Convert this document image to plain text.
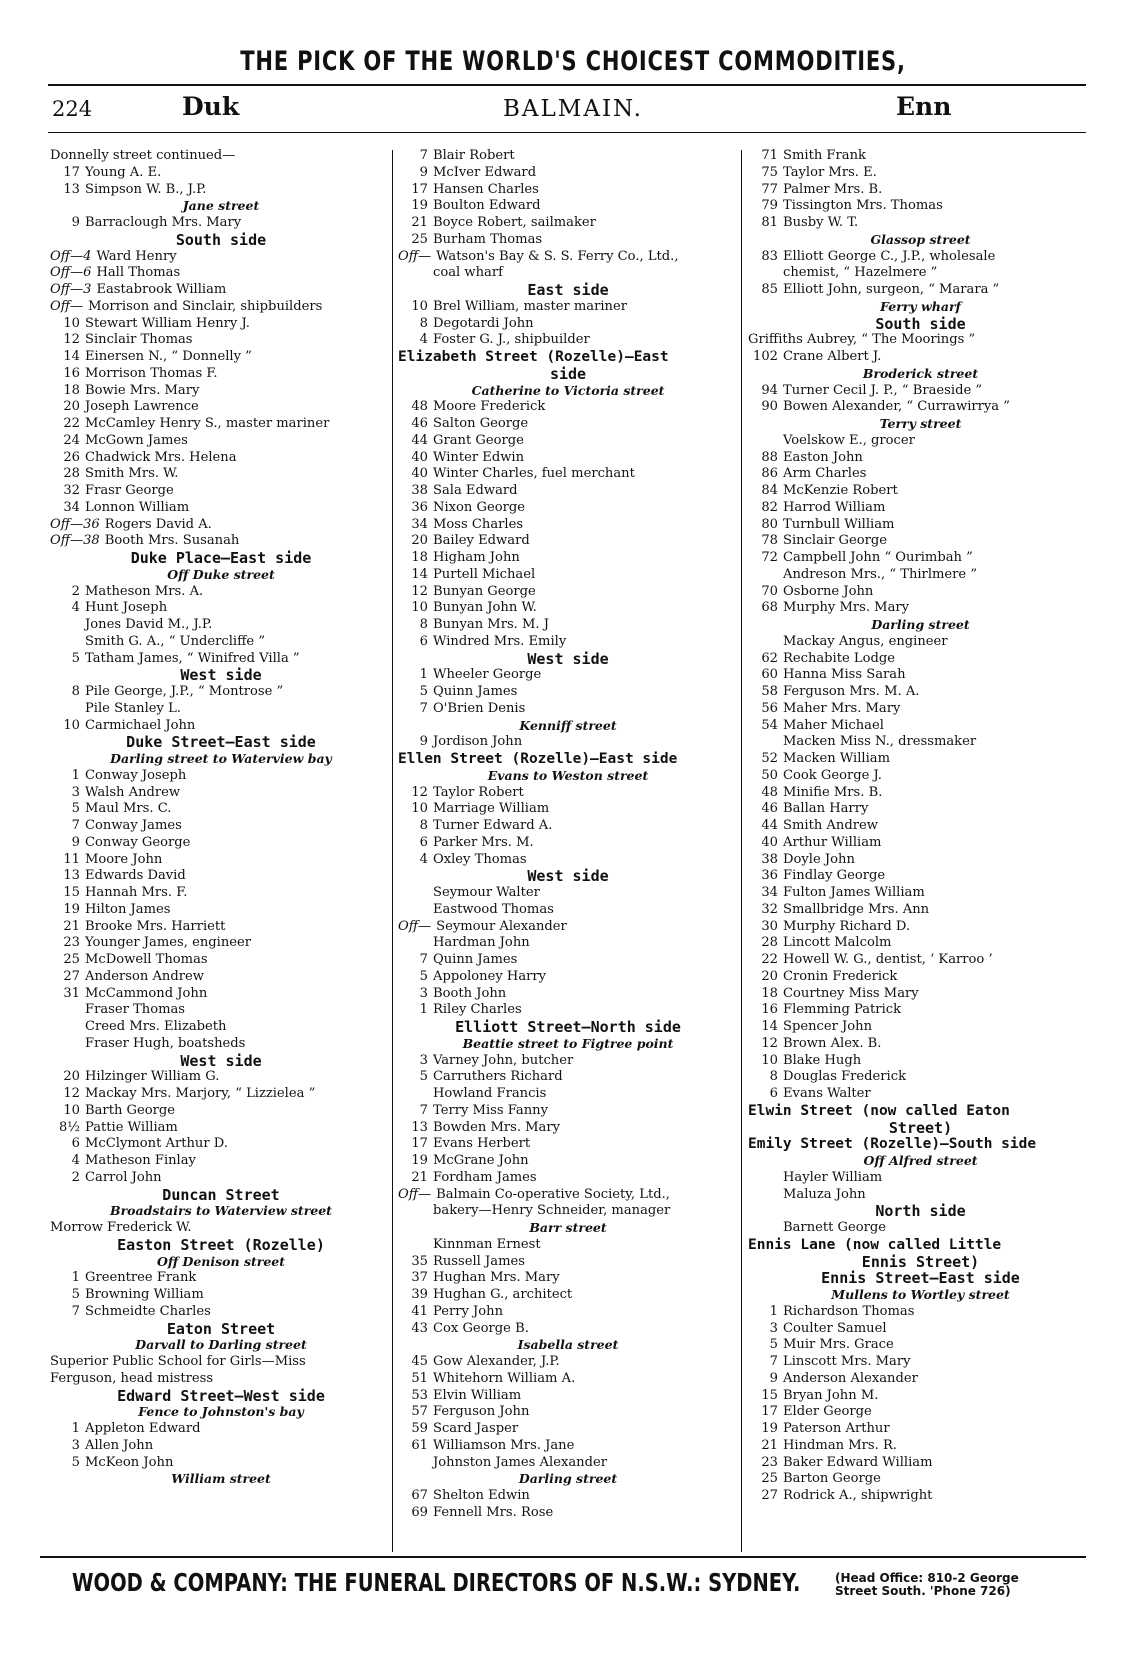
THE PICK OF THE WORLD'S CHOICEST COMMODITIES,
224	Duk	BALMAIN.	Enn
Donnelly street continued—
17 Young A. E.
13 Simpson W. B., J.P.
Jane street
9 Barraclough Mrs. Mary
South side
Off—4 Ward Henry
Off—6 Hall Thomas
Off—3 Eastabrook William
Off— Morrison and Sinclair, shipbuilders
10 Stewart William Henry J.
12 Sinclair Thomas
14 Einersen N., “ Donnelly ”
16 Morrison Thomas F.
18 Bowie Mrs. Mary
20 Joseph Lawrence
22 McCamley Henry S., master mariner
24 McGown James
26 Chadwick Mrs. Helena
28 Smith Mrs. W.
32 Frasr George
34 Lonnon William
Off—36 Rogers David A.
Off—38 Booth Mrs. Susanah
Duke Place—East side
Off Duke street
2 Matheson Mrs. A.
4 Hunt Joseph
Jones David M., J.P.
Smith G. A., “ Undercliffe ”
5 Tatham James, “ Winifred Villa ”
West side
8 Pile George, J.P., “ Montrose ”
Pile Stanley L.
10 Carmichael John
Duke Street—East side
Darling street to Waterview bay
1 Conway Joseph
3 Walsh Andrew
5 Maul Mrs. C.
7 Conway James
9 Conway George
11 Moore John
13 Edwards David
15 Hannah Mrs. F.
19 Hilton James
21 Brooke Mrs. Harriett
23 Younger James, engineer
25 McDowell Thomas
27 Anderson Andrew
31 McCammond John
Fraser Thomas
Creed Mrs. Elizabeth
Fraser Hugh, boatsheds
West side
20 Hilzinger William G.
12 Mackay Mrs. Marjory, “ Lizzielea ”
10 Barth George
8½ Pattie William
6 McClymont Arthur D.
4 Matheson Finlay
2 Carrol John
Duncan Street
Broadstairs to Waterview street
Morrow Frederick W.
Easton Street (Rozelle)
Off Denison street
1 Greentree Frank
5 Browning William
7 Schmeidte Charles
Eaton Street
Darvall to Darling street
Superior Public School for Girls—Miss
Ferguson, head mistress
Edward Street—West side
Fence to Johnston's bay
1 Appleton Edward
3 Allen John
5 McKeon John
William street
7 Blair Robert
9 McIver Edward
17 Hansen Charles
19 Boulton Edward
21 Boyce Robert, sailmaker
25 Burham Thomas
Off— Watson's Bay & S. S. Ferry Co., Ltd.,
coal wharf
East side
10 Brel William, master mariner
8 Degotardi John
4 Foster G. J., shipbuilder
Elizabeth Street (Rozelle)—East
side
Catherine to Victoria street
48 Moore Frederick
46 Salton George
44 Grant George
40 Winter Edwin
40 Winter Charles, fuel merchant
38 Sala Edward
36 Nixon George
34 Moss Charles
20 Bailey Edward
18 Higham John
14 Purtell Michael
12 Bunyan George
10 Bunyan John W.
8 Bunyan Mrs. M. J
6 Windred Mrs. Emily
West side
1 Wheeler George
5 Quinn James
7 O'Brien Denis
Kenniff street
9 Jordison John
Ellen Street (Rozelle)—East side
Evans to Weston street
12 Taylor Robert
10 Marriage William
8 Turner Edward A.
6 Parker Mrs. M.
4 Oxley Thomas
West side
Seymour Walter
Eastwood Thomas
Off— Seymour Alexander
Hardman John
7 Quinn James
5 Appoloney Harry
3 Booth John
1 Riley Charles
Elliott Street—North side
Beattie street to Figtree point
3 Varney John, butcher
5 Carruthers Richard
Howland Francis
7 Terry Miss Fanny
13 Bowden Mrs. Mary
17 Evans Herbert
19 McGrane John
21 Fordham James
Off— Balmain Co-operative Society, Ltd.,
bakery—Henry Schneider, manager
Barr street
Kinnman Ernest
35 Russell James
37 Hughan Mrs. Mary
39 Hughan G., architect
41 Perry John
43 Cox George B.
Isabella street
45 Gow Alexander, J.P.
51 Whitehorn William A.
53 Elvin William
57 Ferguson John
59 Scard Jasper
61 Williamson Mrs. Jane
Johnston James Alexander
Darling street
67 Shelton Edwin
69 Fennell Mrs. Rose
71 Smith Frank
75 Taylor Mrs. E.
77 Palmer Mrs. B.
79 Tissington Mrs. Thomas
81 Busby W. T.
Glassop street
83 Elliott George C., J.P., wholesale
chemist, “ Hazelmere ”
85 Elliott John, surgeon, “ Marara ”
Ferry wharf
South side
Griffiths Aubrey, “ The Moorings ”
102 Crane Albert J.
Broderick street
94 Turner Cecil J. P., “ Braeside ”
90 Bowen Alexander, “ Currawirrya ”
Terry street
Voelskow E., grocer
88 Easton John
86 Arm Charles
84 McKenzie Robert
82 Harrod William
80 Turnbull William
78 Sinclair George
72 Campbell John “ Ourimbah ”
Andreson Mrs., “ Thirlmere ”
70 Osborne John
68 Murphy Mrs. Mary
Darling street
Mackay Angus, engineer
62 Rechabite Lodge
60 Hanna Miss Sarah
58 Ferguson Mrs. M. A.
56 Maher Mrs. Mary
54 Maher Michael
Macken Miss N., dressmaker
52 Macken William
50 Cook George J.
48 Minifie Mrs. B.
46 Ballan Harry
44 Smith Andrew
40 Arthur William
38 Doyle John
36 Findlay George
34 Fulton James William
32 Smallbridge Mrs. Ann
30 Murphy Richard D.
28 Lincott Malcolm
22 Howell W. G., dentist, ‘ Karroo ’
20 Cronin Frederick
18 Courtney Miss Mary
16 Flemming Patrick
14 Spencer John
12 Brown Alex. B.
10 Blake Hugh
8 Douglas Frederick
6 Evans Walter
Elwin Street (now called Eaton
Street)
Emily Street (Rozelle)—South side
Off Alfred street
Hayler William
Maluza John
North side
Barnett George
Ennis Lane (now called Little
Ennis Street)
Ennis Street—East side
Mullens to Wortley street
1 Richardson Thomas
3 Coulter Samuel
5 Muir Mrs. Grace
7 Linscott Mrs. Mary
9 Anderson Alexander
15 Bryan John M.
17 Elder George
19 Paterson Arthur
21 Hindman Mrs. R.
23 Baker Edward William
25 Barton George
27 Rodrick A., shipwright
WOOD & COMPANY: THE FUNERAL DIRECTORS OF N.S.W.: SYDNEY.	(Head Office: 810-2 George
Street South. 'Phone 726)
